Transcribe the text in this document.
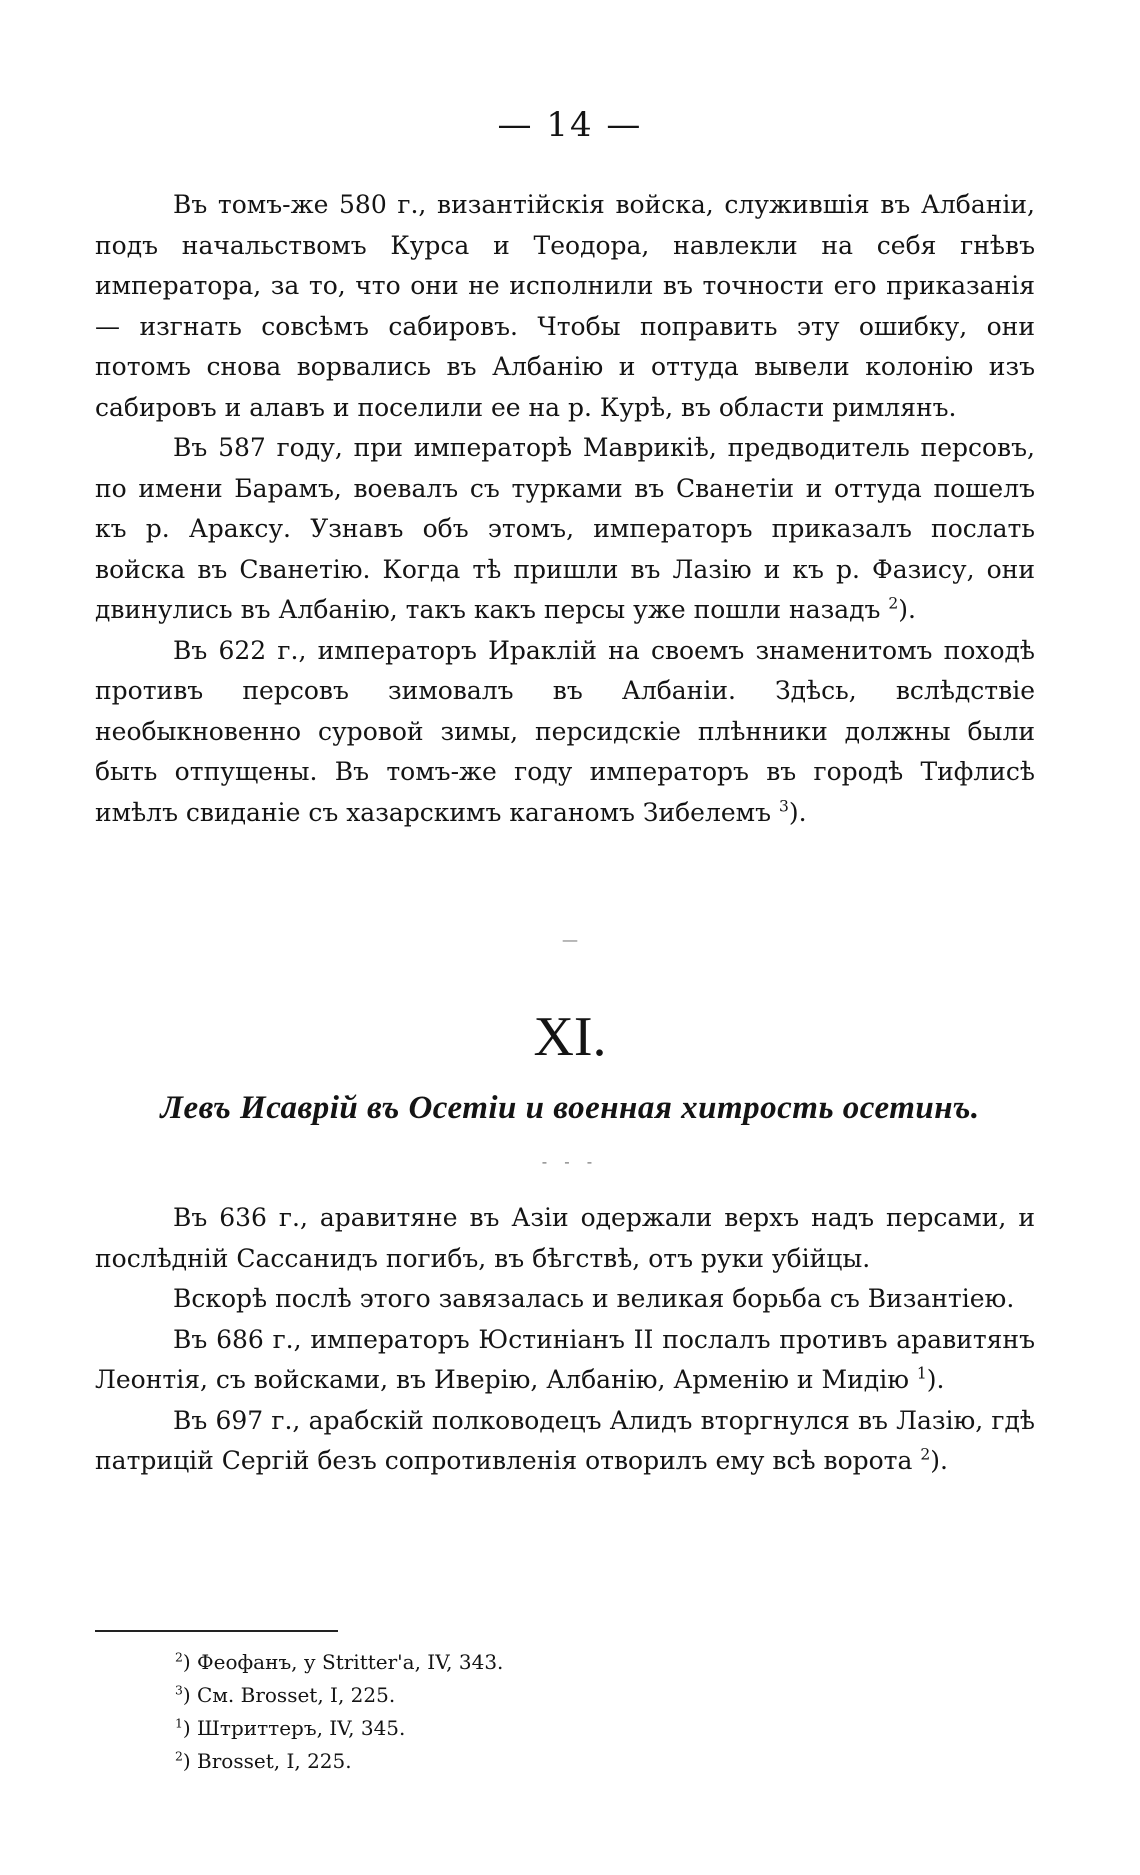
— 14 —

Въ томъ-же 580 г., византійскія войска, служившія въ Албаніи, подъ начальствомъ Курса и Теодора, навлекли на себя гнѣвъ императора, за то, что они не исполнили въ точности его приказанія — изгнать совсѣмъ сабировъ. Чтобы поправить эту ошибку, они потомъ снова ворвались въ Албанію и оттуда вывели колонію изъ сабировъ и алавъ и поселили ее на р. Курѣ, въ области римлянъ.

Въ 587 году, при императорѣ Маврикіѣ, предводитель персовъ, по имени Барамъ, воевалъ съ турками въ Сванетіи и оттуда пошелъ къ р. Араксу. Узнавъ объ этомъ, императоръ приказалъ послать войска въ Сванетію. Когда тѣ пришли въ Лазію и къ р. Фазису, они двинулись въ Албанію, такъ какъ персы уже пошли назадъ $^2$).

Въ 622 г., императоръ Ираклій на своемъ знаменитомъ походѣ противъ персовъ зимовалъ въ Албаніи. Здѣсь, вслѣдствіе необыкновенно суровой зимы, персидскіе плѣнники должны были быть отпущены. Въ томъ-же году императоръ въ городѣ Тифлисѣ имѣлъ свиданіе съ хазарскимъ каганомъ Зибелемъ $^3$).

—
XI.
Левъ Исаврій въ Осетіи и военная хитрость осетинъ.
- - -

Въ 636 г., аравитяне въ Азіи одержали верхъ надъ персами, и послѣдній Сассанидъ погибъ, въ бѣгствѣ, отъ руки убійцы.

Вскорѣ послѣ этого завязалась и великая борьба съ Византіею.

Въ 686 г., императоръ Юстиніанъ II послалъ противъ аравитянъ Леонтія, съ войсками, въ Иверію, Албанію, Арменію и Мидію $^1$).

Въ 697 г., арабскій полководецъ Алидъ вторгнулся въ Лазію, гдѣ патрицій Сергій безъ сопротивленія отворилъ ему всѣ ворота $^2$).

$^2$) Феофанъ, у Stritter'a, IV, 343.
$^3$) См. Brosset, I, 225.
$^1$) Штриттеръ, IV, 345.
$^2$) Brosset, I, 225.
